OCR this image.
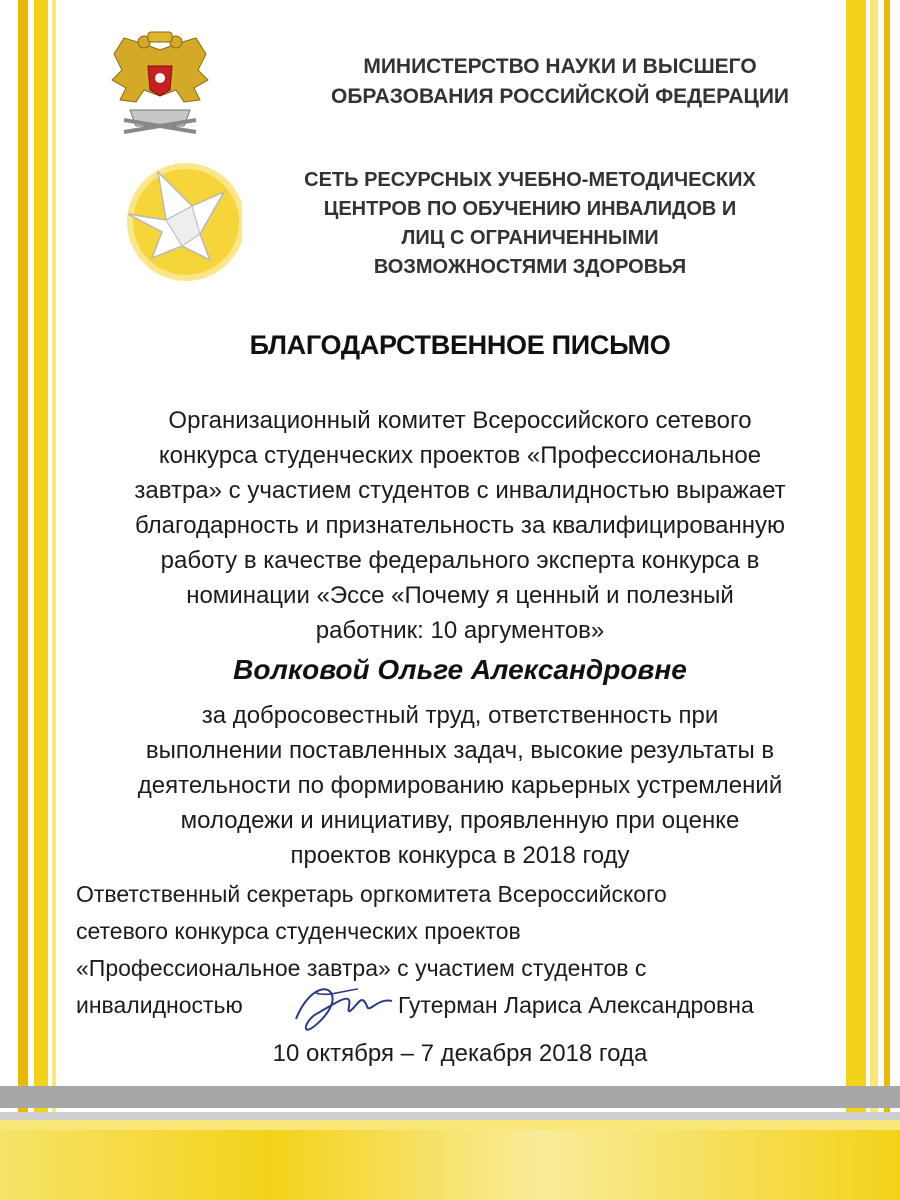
МИНИСТЕРСТВО НАУКИ И ВЫСШЕГО
ОБРАЗОВАНИЯ РОССИЙСКОЙ ФЕДЕРАЦИИ
СЕТЬ РЕСУРСНЫХ УЧЕБНО-МЕТОДИЧЕСКИХ
ЦЕНТРОВ ПО ОБУЧЕНИЮ ИНВАЛИДОВ И
ЛИЦ С ОГРАНИЧЕННЫМИ
ВОЗМОЖНОСТЯМИ ЗДОРОВЬЯ
БЛАГОДАРСТВЕННОЕ ПИСЬМО
Организационный комитет Всероссийского сетевого
конкурса студенческих проектов «Профессиональное
завтра» с участием студентов с инвалидностью выражает
благодарность и признательность за квалифицированную
работу в качестве федерального эксперта конкурса в
номинации «Эссе «Почему я ценный и полезный
работник: 10 аргументов»
Волковой Ольге Александровне
за добросовестный труд, ответственность при
выполнении поставленных задач, высокие результаты в
деятельности по формированию карьерных устремлений
молодежи и инициативу, проявленную при оценке
проектов конкурса в 2018 году
Ответственный секретарь оргкомитета Всероссийского
сетевого конкурса студенческих проектов
«Профессиональное завтра» с участием студентов с
инвалидностью	Гутерман Лариса Александровна
10 октября – 7 декабря 2018 года
